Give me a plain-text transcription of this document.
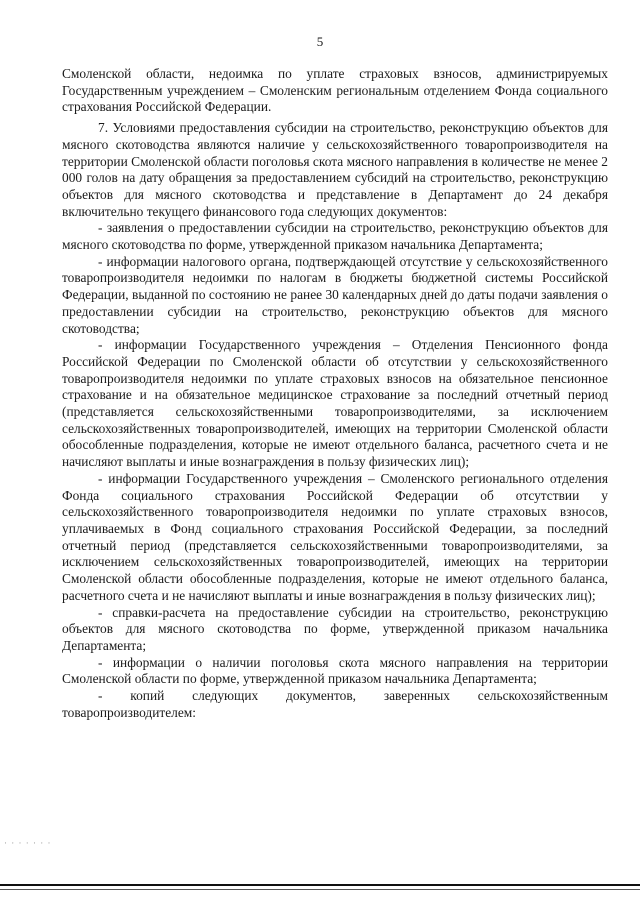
5

Смоленской области, недоимка по уплате страховых взносов, администрируемых Государственным учреждением – Смоленским региональным отделением Фонда социального страхования Российской Федерации.

7. Условиями предоставления субсидии на строительство, реконструкцию объектов для мясного скотоводства являются наличие у сельскохозяйственного товаропроизводителя на территории Смоленской области поголовья скота мясного направления в количестве не менее 2 000 голов на дату обращения за предоставлением субсидий на строительство, реконструкцию объектов для мясного скотоводства и представление в Департамент до 24 декабря включительно текущего финансового года следующих документов:

- заявления о предоставлении субсидии на строительство, реконструкцию объектов для мясного скотоводства по форме, утвержденной приказом начальника Департамента;

- информации налогового органа, подтверждающей отсутствие у сельскохозяйственного товаропроизводителя недоимки по налогам в бюджеты бюджетной системы Российской Федерации, выданной по состоянию не ранее 30 календарных дней до даты подачи заявления о предоставлении субсидии на строительство, реконструкцию объектов для мясного скотоводства;

- информации Государственного учреждения – Отделения Пенсионного фонда Российской Федерации по Смоленской области об отсутствии у сельскохозяйственного товаропроизводителя недоимки по уплате страховых взносов на обязательное пенсионное страхование и на обязательное медицинское страхование за последний отчетный период (представляется сельскохозяйственными товаропроизводителями, за исключением сельскохозяйственных товаропроизводителей, имеющих на территории Смоленской области обособленные подразделения, которые не имеют отдельного баланса, расчетного счета и не начисляют выплаты и иные вознаграждения в пользу физических лиц);

- информации Государственного учреждения – Смоленского регионального отделения Фонда социального страхования Российской Федерации об отсутствии у сельскохозяйственного товаропроизводителя недоимки по уплате страховых взносов, уплачиваемых в Фонд социального страхования Российской Федерации, за последний отчетный период (представляется сельскохозяйственными товаропроизводителями, за исключением сельскохозяйственных товаропроизводителей, имеющих на территории Смоленской области обособленные подразделения, которые не имеют отдельного баланса, расчетного счета и не начисляют выплаты и иные вознаграждения в пользу физических лиц);

- справки-расчета на предоставление субсидии на строительство, реконструкцию объектов для мясного скотоводства по форме, утвержденной приказом начальника Департамента;

- информации о наличии поголовья скота мясного направления на территории Смоленской области по форме, утвержденной приказом начальника Департамента;

- копий следующих документов, заверенных сельскохозяйственным товаропроизводителем:

· · · · · · ·
